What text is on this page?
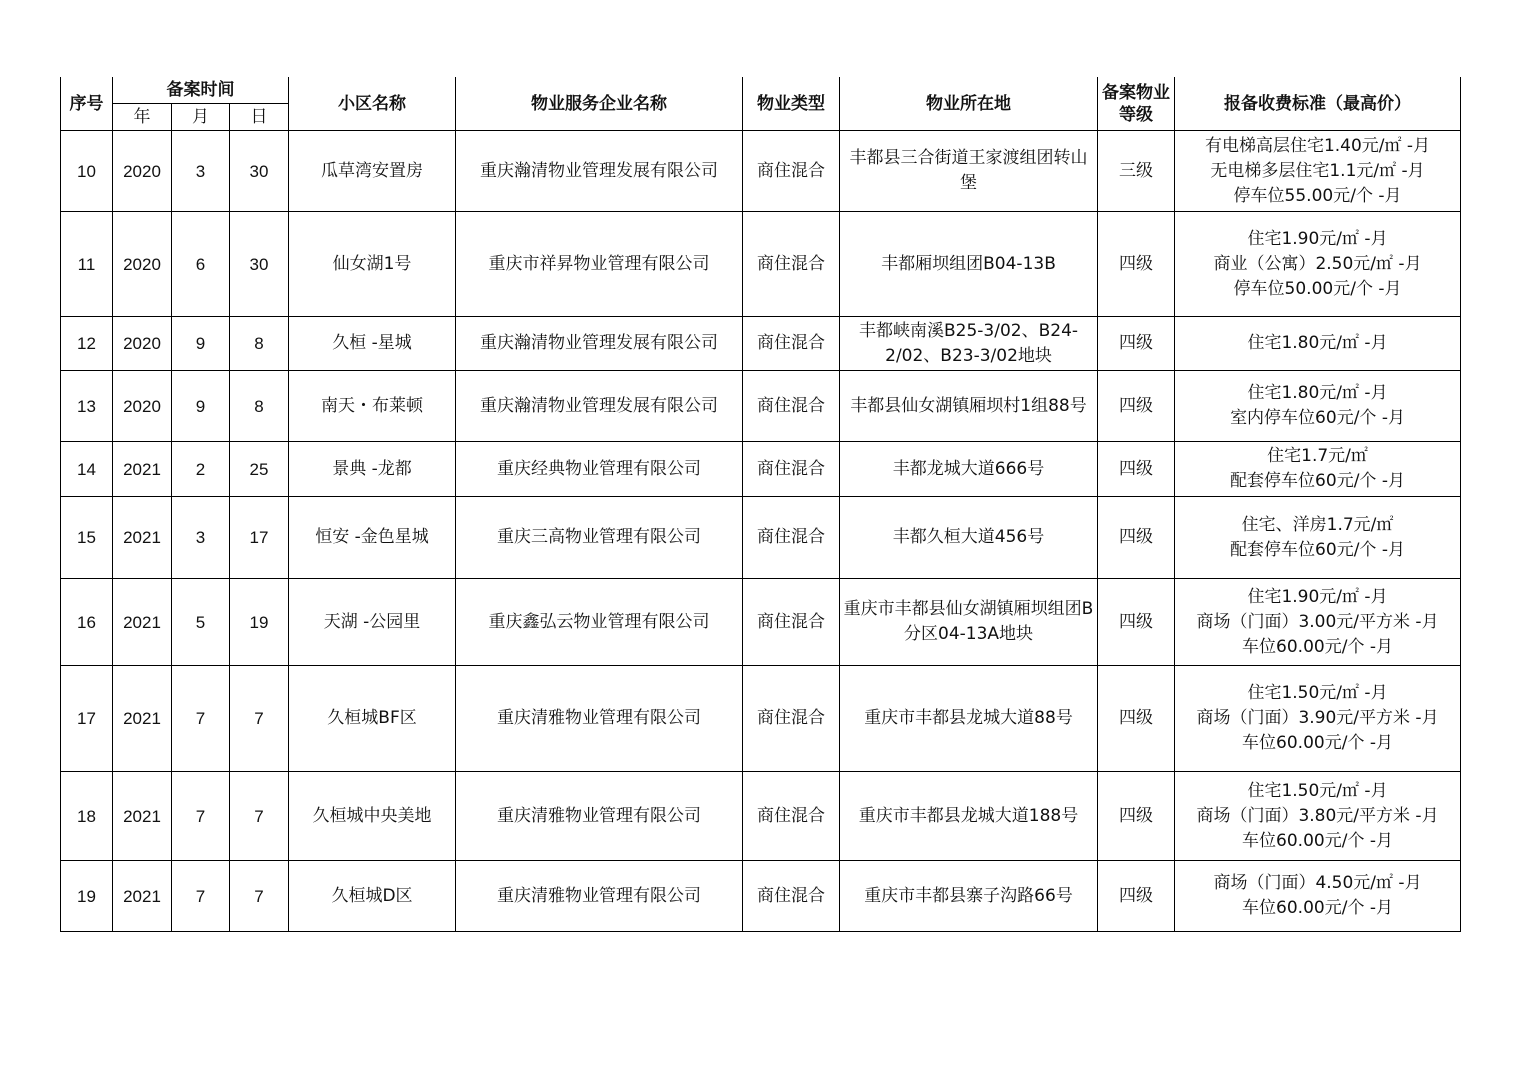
序号	备案时间			小区名称	物业服务企业名称	物业类型	物业所在地	备案物业等级	报备收费标准（最高价）
	年	月	日						
10	2020	3	30	瓜草湾安置房	重庆瀚清物业管理发展有限公司	商住混合	丰都县三合街道王家渡组团转山堡	三级	有电梯高层住宅1.40元/㎡ -月
无电梯多层住宅1.1元/㎡ -月
停车位55.00元/个 -月

11	2020	6	30	仙女湖1号	重庆市祥昇物业管理有限公司	商住混合	丰都厢坝组团B04-13B	四级	住宅1.90元/㎡ -月
商业（公寓）2.50元/㎡ -月
停车位50.00元/个 -月

12	2020	9	8	久桓 -星城	重庆瀚清物业管理发展有限公司	商住混合	丰都峡南溪B25-3/02、B24-2/02、B23-3/02地块	四级	住宅1.80元/㎡ -月

13	2020	9	8	南天・布莱顿	重庆瀚清物业管理发展有限公司	商住混合	丰都县仙女湖镇厢坝村1组88号	四级	住宅1.80元/㎡ -月
室内停车位60元/个 -月

14	2021	2	25	景典 -龙都	重庆经典物业管理有限公司	商住混合	丰都龙城大道666号	四级	住宅1.7元/㎡
配套停车位60元/个 -月

15	2021	3	17	恒安 -金色星城	重庆三高物业管理有限公司	商住混合	丰都久桓大道456号	四级	住宅、洋房1.7元/㎡
配套停车位60元/个 -月

16	2021	5	19	天湖 -公园里	重庆鑫弘云物业管理有限公司	商住混合	重庆市丰都县仙女湖镇厢坝组团B分区04-13A地块	四级	住宅1.90元/㎡ -月
商场（门面）3.00元/平方米 -月
车位60.00元/个 -月

17	2021	7	7	久桓城BF区	重庆清雅物业管理有限公司	商住混合	重庆市丰都县龙城大道88号	四级	住宅1.50元/㎡ -月
商场（门面）3.90元/平方米 -月
车位60.00元/个 -月

18	2021	7	7	久桓城中央美地	重庆清雅物业管理有限公司	商住混合	重庆市丰都县龙城大道188号	四级	住宅1.50元/㎡ -月
商场（门面）3.80元/平方米 -月
车位60.00元/个 -月

19	2021	7	7	久桓城D区	重庆清雅物业管理有限公司	商住混合	重庆市丰都县寨子沟路66号	四级	商场（门面）4.50元/㎡ -月
车位60.00元/个 -月
